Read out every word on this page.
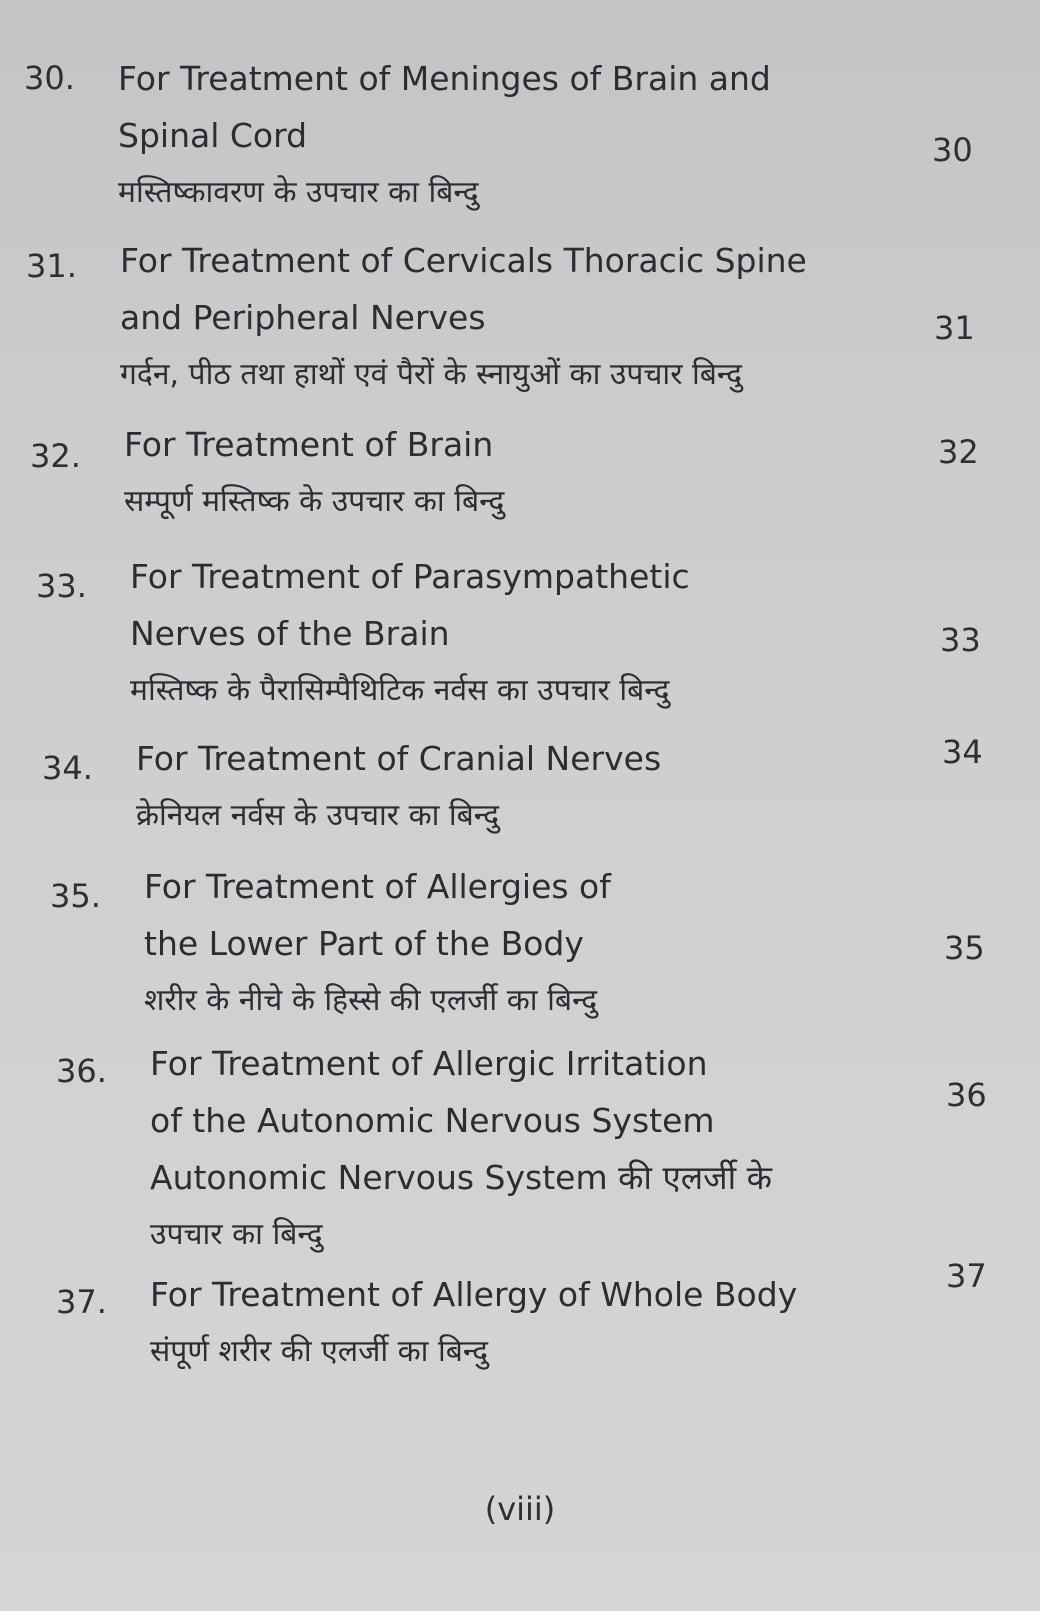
30. For Treatment of Meninges of Brain and
Spinal Cord
मस्तिष्कावरण के उपचार का बिन्दु
30
31. For Treatment of Cervicals Thoracic Spine
and Peripheral Nerves
गर्दन, पीठ तथा हाथों एवं पैरों के स्नायुओं का उपचार बिन्दु
31
32. For Treatment of Brain
सम्पूर्ण मस्तिष्क के उपचार का बिन्दु
32
33. For Treatment of Parasympathetic
Nerves of the Brain
मस्तिष्क के पैरासिम्पैथिटिक नर्वस का उपचार बिन्दु
33
34. For Treatment of Cranial Nerves
क्रेनियल नर्वस के उपचार का बिन्दु
34
35. For Treatment of Allergies of
the Lower Part of the Body
शरीर के नीचे के हिस्से की एलर्जी का बिन्दु
35
36. For Treatment of Allergic Irritation
of the Autonomic Nervous System
Autonomic Nervous System की एलर्जी के
उपचार का बिन्दु
36
37. For Treatment of Allergy of Whole Body
संपूर्ण शरीर की एलर्जी का बिन्दु
37
(viii)
